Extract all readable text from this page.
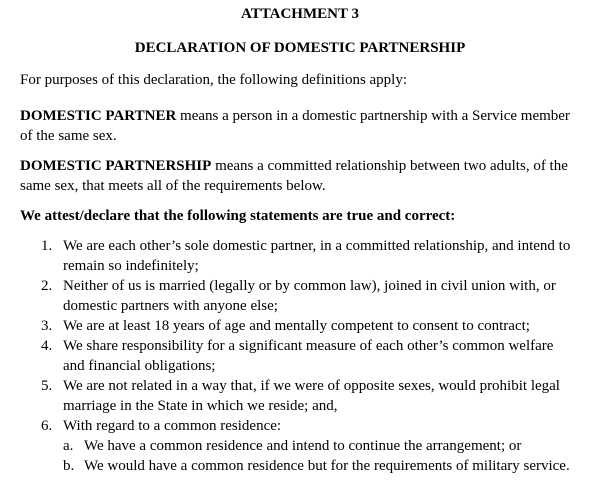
ATTACHMENT 3
DECLARATION OF DOMESTIC PARTNERSHIP
For purposes of this declaration, the following definitions apply:
DOMESTIC PARTNER means a person in a domestic partnership with a Service member of the same sex.
DOMESTIC PARTNERSHIP means a committed relationship between two adults, of the same sex, that meets all of the requirements below.
We attest/declare that the following statements are true and correct:
1. We are each other’s sole domestic partner, in a committed relationship, and intend to remain so indefinitely;
2. Neither of us is married (legally or by common law), joined in civil union with, or domestic partners with anyone else;
3. We are at least 18 years of age and mentally competent to consent to contract;
4. We share responsibility for a significant measure of each other’s common welfare and financial obligations;
5. We are not related in a way that, if we were of opposite sexes, would prohibit legal marriage in the State in which we reside; and,
6. With regard to a common residence:
a. We have a common residence and intend to continue the arrangement; or
b. We would have a common residence but for the requirements of military service.
